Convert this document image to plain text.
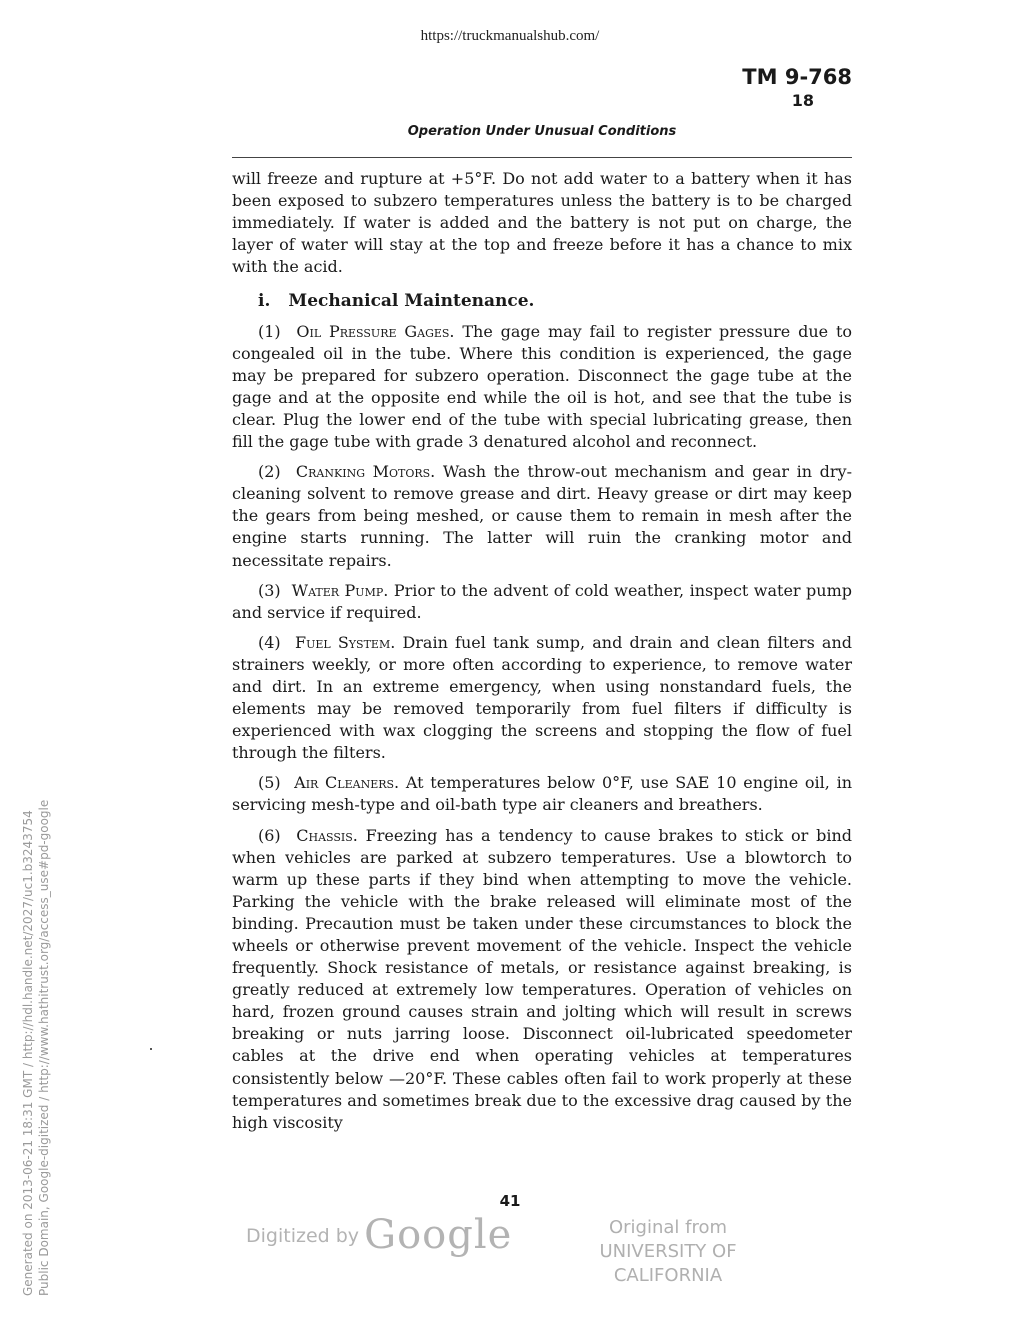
https://truckmanualshub.com/
TM 9-768
18
Operation Under Unusual Conditions

will freeze and rupture at +5°F. Do not add water to a battery when it has been exposed to subzero temperatures unless the battery is to be charged immediately. If water is added and the battery is not put on charge, the layer of water will stay at the top and freeze before it has a chance to mix with the acid.

i. Mechanical Maintenance.

(1) Oil Pressure Gages. The gage may fail to register pressure due to congealed oil in the tube. Where this condition is experienced, the gage may be prepared for subzero operation. Disconnect the gage tube at the gage and at the opposite end while the oil is hot, and see that the tube is clear. Plug the lower end of the tube with special lubricating grease, then fill the gage tube with grade 3 denatured alcohol and reconnect.

(2) Cranking Motors. Wash the throw-out mechanism and gear in dry-cleaning solvent to remove grease and dirt. Heavy grease or dirt may keep the gears from being meshed, or cause them to remain in mesh after the engine starts running. The latter will ruin the cranking motor and necessitate repairs.

(3) Water Pump. Prior to the advent of cold weather, inspect water pump and service if required.

(4) Fuel System. Drain fuel tank sump, and drain and clean filters and strainers weekly, or more often according to experience, to remove water and dirt. In an extreme emergency, when using nonstandard fuels, the elements may be removed temporarily from fuel filters if difficulty is experienced with wax clogging the screens and stopping the flow of fuel through the filters.

(5) Air Cleaners. At temperatures below 0°F, use SAE 10 engine oil, in servicing mesh-type and oil-bath type air cleaners and breathers.

(6) Chassis. Freezing has a tendency to cause brakes to stick or bind when vehicles are parked at subzero temperatures. Use a blowtorch to warm up these parts if they bind when attempting to move the vehicle. Parking the vehicle with the brake released will eliminate most of the binding. Precaution must be taken under these circumstances to block the wheels or otherwise prevent movement of the vehicle. Inspect the vehicle frequently. Shock resistance of metals, or resistance against breaking, is greatly reduced at extremely low temperatures. Operation of vehicles on hard, frozen ground causes strain and jolting which will result in screws breaking or nuts jarring loose. Disconnect oil-lubricated speedometer cables at the drive end when operating vehicles at temperatures consistently below —20°F. These cables often fail to work properly at these temperatures and sometimes break due to the excessive drag caused by the high viscosity

41
Digitized by Google	Original from
UNIVERSITY OF CALIFORNIA
Generated on 2013-06-21 18:31 GMT / http://hdl.handle.net/2027/uc1.b3243754 Public Domain, Google-digitized / http://www.hathitrust.org/access_use#pd-google
